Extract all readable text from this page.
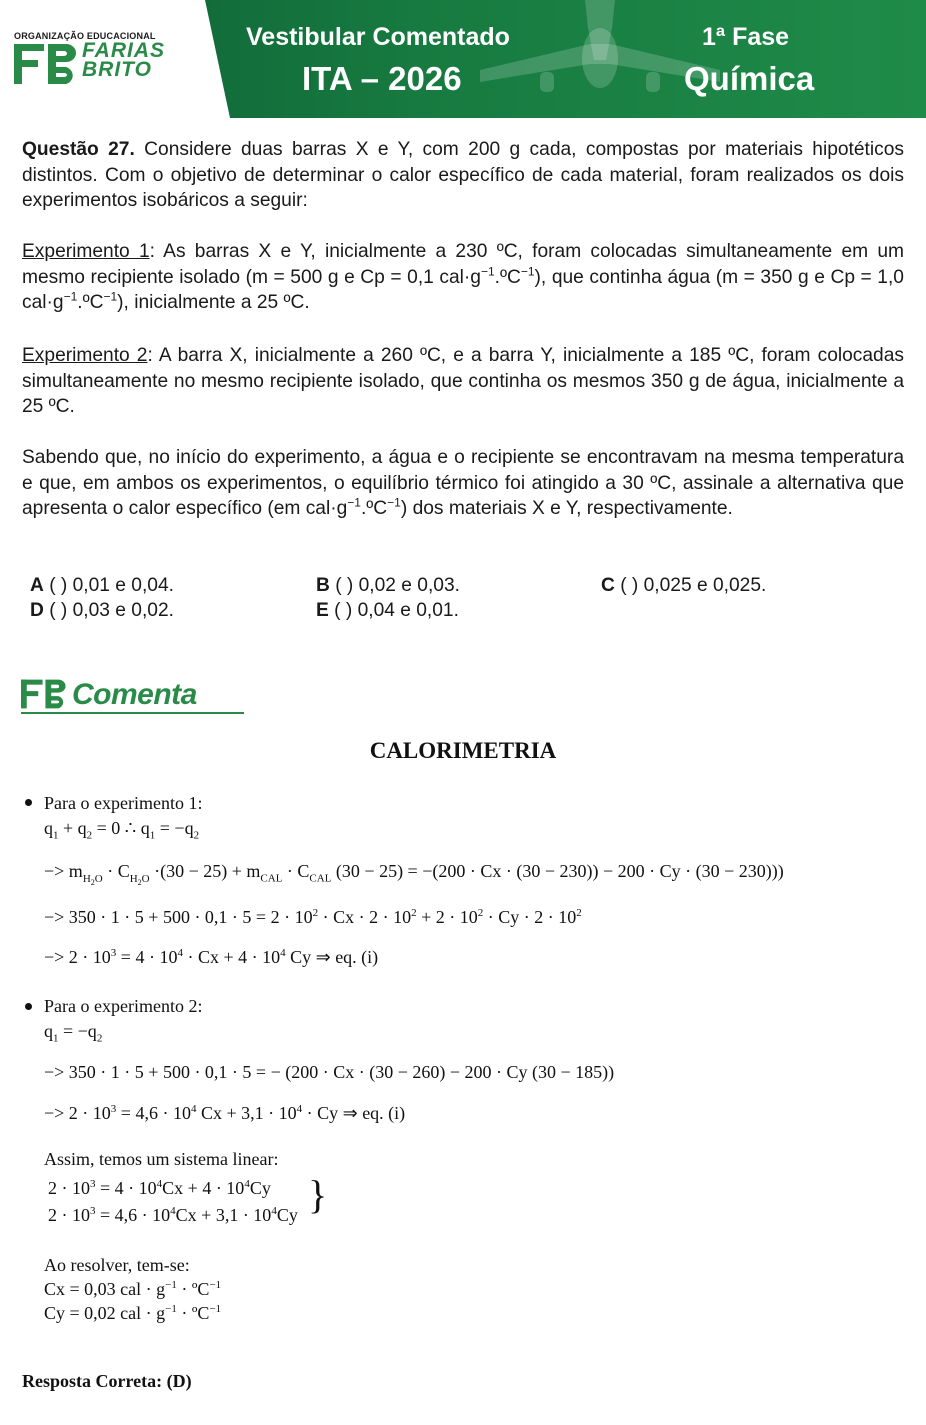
ORGANIZAÇÃO EDUCACIONAL
FARIAS
BRITO
Vestibular Comentado
ITA – 2026
1ª Fase
Química
Questão 27. Considere duas barras X e Y, com 200 g cada, compostas por materiais hipotéticos distintos. Com o objetivo de determinar o calor específico de cada material, foram realizados os dois experimentos isobáricos a seguir:
Experimento 1: As barras X e Y, inicialmente a 230 ºC, foram colocadas simultaneamente em um mesmo recipiente isolado (m = 500 g e Cp = 0,1 $cal\cdot g^{-1}.ºC^{-1}$), que continha água (m = 350 g e Cp = 1,0 $cal\cdot g^{-1}.ºC^{-1}$), inicialmente a 25 ºC.
Experimento 2: A barra X, inicialmente a 260 ºC, e a barra Y, inicialmente a 185 ºC, foram colocadas simultaneamente no mesmo recipiente isolado, que continha os mesmos 350 g de água, inicialmente a 25 ºC.
Sabendo que, no início do experimento, a água e o recipiente se encontravam na mesma temperatura e que, em ambos os experimentos, o equilíbrio térmico foi atingido a 30 ºC, assinale a alternativa que apresenta o calor específico (em $cal\cdot g^{-1}.ºC^{-1}$) dos materiais X e Y, respectivamente.
A ( ) 0,01 e 0,04.	B ( ) 0,02 e 0,03.	C ( ) 0,025 e 0,025.
D ( ) 0,03 e 0,02.	E ( ) 0,04 e 0,01.
Comenta
CALORIMETRIA
Para o experimento 1:
$q_1 + q_2 = 0$ ∴ $q_1 = -q_2$
−> $m_{H_2O} \cdot C_{H_2O} \cdot(30 - 25) + m_{CAL} \cdot C_{CAL}$ (30 − 25) = −(200 · Cx · (30 − 230)) − 200 · Cy · (30 − 230)))
−> $350 \cdot 1 \cdot 5 + 500 \cdot 0,1 \cdot 5 = 2 \cdot 10^2 \cdot Cx \cdot 2 \cdot 10^2 + 2 \cdot 10^2 \cdot Cy \cdot 2 \cdot 10^2$
−> $2 \cdot 10^3 = 4 \cdot 10^4 \cdot Cx + 4 \cdot 10^4$ Cy ⇒ eq. (i)
Para o experimento 2:
$q_1 = -q_2$
−> 350 · 1 · 5 + 500 · 0,1 · 5 = − (200 · Cx · (30 − 260) − 200 · Cy (30 − 185))
−> $2 \cdot 10^3 = 4,6 \cdot 10^4$ $Cx + 3,1 \cdot 10^4 \cdot Cy$ ⇒ eq. (i)
Assim, temos um sistema linear:
$2 \cdot 10^3 = 4 \cdot 10^4Cx + 4 \cdot 10^4Cy$
$2 \cdot 10^3 = 4,6 \cdot 10^4Cx + 3,1 \cdot 10^4Cy$ }
Ao resolver, tem-se:
Cx = 0,03 cal · $g^{-1}$ · ºC$^{-1}$
Cy = 0,02 cal · $g^{-1}$ · ºC$^{-1}$
Resposta Correta: (D)
